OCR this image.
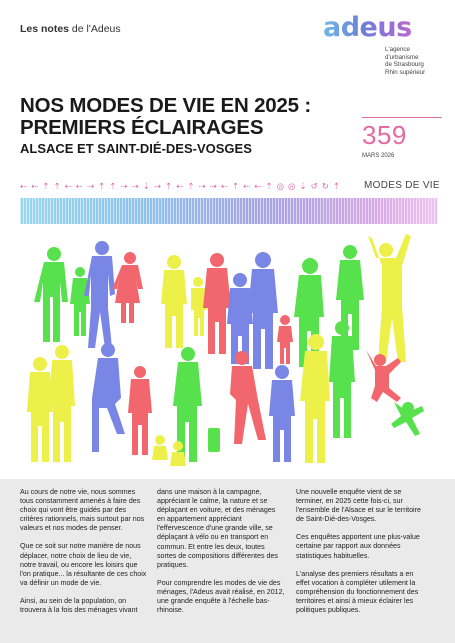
Les notes de l'Adeus	adeus
L'agence
d'urbanisme
de Strasbourg
Rhin supérieur
NOS MODES DE VIE EN 2025 :
PREMIERS ÉCLAIRAGES
ALSACE ET SAINT-DIÉ-DES-VOSGES	359
MARS 2026
⇠ ⇠ ⇡ ⇡ ⇠ ⇠ ⇢ ⇡ ⇡ ⇢ ⇢ ⇣ ⇢ ⇡ ⇠ ⇡ ⇢ ⇢ ⇠ ⇡ ⇠ ⇠ ⇡ ◎ ◎ ⇣ ↺ ↻ ⇡ MODES DE VIE

Au cours de notre vie, nous sommes tous constamment amenés à faire des choix qui vont être guidés par des critères rationnels, mais surtout par nos valeurs et nos modes de penser.

Que ce soit sur notre manière de nous déplacer, notre choix de lieu de vie, notre travail, ou encore les loisirs que l'on pratique... la résultante de ces choix va définir un mode de vie.

Ainsi, au sein de la population, on trouvera à la fois des ménages vivant

dans une maison à la campagne, appréciant le calme, la nature et se déplaçant en voiture, et des ménages en appartement appréciant l'effervescence d'une grande ville, se déplaçant à vélo ou en transport en commun. Et entre les deux, toutes sortes de compositions différentes des pratiques.

Pour comprendre les modes de vie des ménages, l'Adeus avait réalisé, en 2012, une grande enquête à l'échelle bas-rhinoise.

Une nouvelle enquête vient de se terminer, en 2025 cette fois-ci, sur l'ensemble de l'Alsace et sur le territoire de Saint-Dié-des-Vosges.

Ces enquêtes apportent une plus-value certaine par rapport aux données statistiques habituelles.

L'analyse des premiers résultats a en effet vocation à compléter utilement la compréhension du fonctionnement des territoires et ainsi à mieux éclairer les politiques publiques.
